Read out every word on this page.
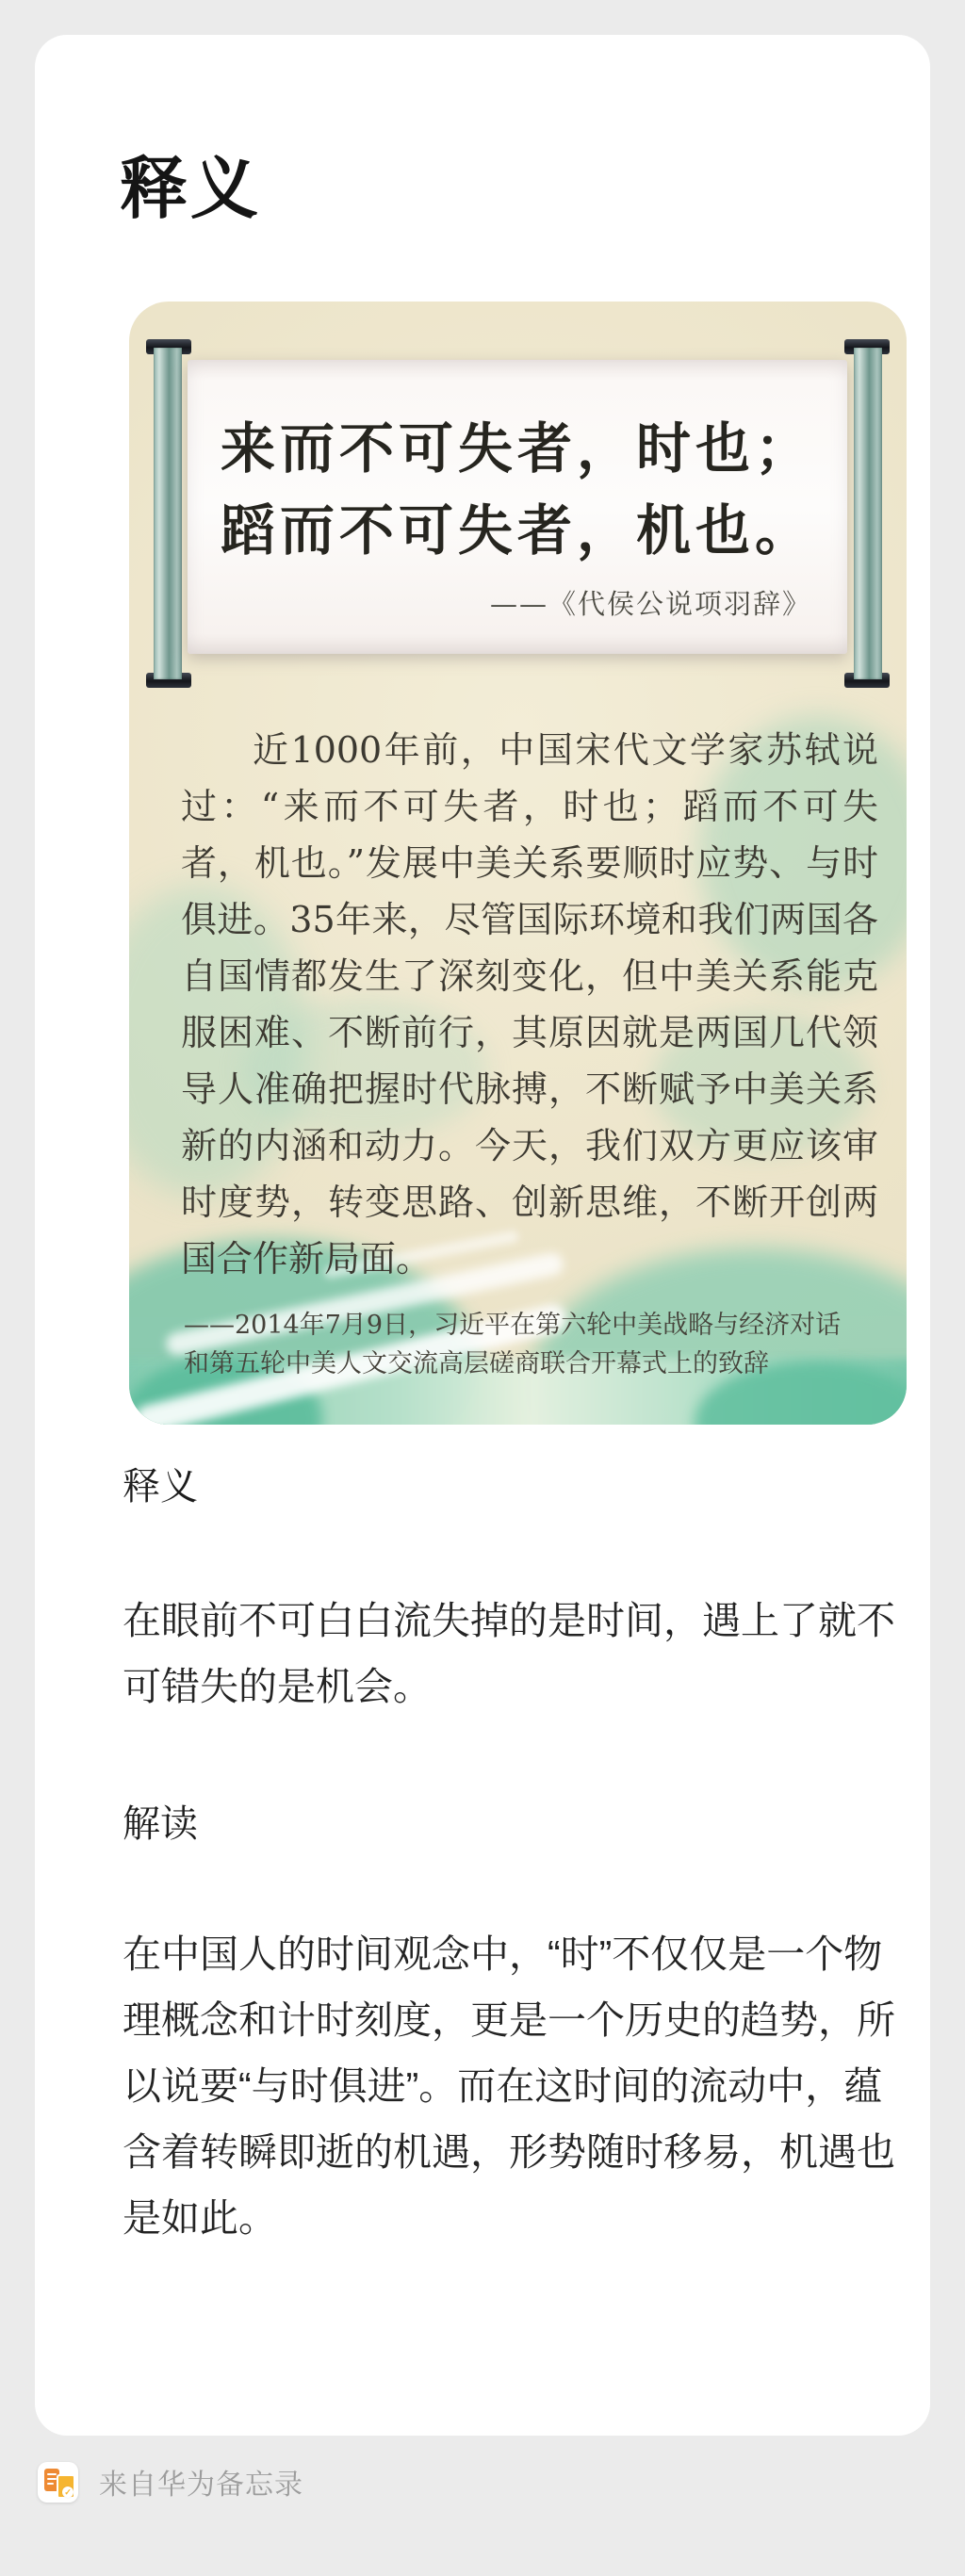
释义
来而不可失者，时也；
蹈而不可失者，机也。
——《代侯公说项羽辞》
近1000年前，中国宋代文学家苏轼说过：“来而不可失者，时也；蹈而不可失者，机也。”发展中美关系要顺时应势、与时俱进。35年来，尽管国际环境和我们两国各自国情都发生了深刻变化，但中美关系能克服困难、不断前行，其原因就是两国几代领导人准确把握时代脉搏，不断赋予中美关系新的内涵和动力。今天，我们双方更应该审时度势，转变思路、创新思维，不断开创两国合作新局面。
——2014年7月9日，习近平在第六轮中美战略与经济对话
和第五轮中美人文交流高层磋商联合开幕式上的致辞
释义
在眼前不可白白流失掉的是时间，遇上了就不可错失的是机会。
解读
在中国人的时间观念中，“时”不仅仅是一个物理概念和计时刻度，更是一个历史的趋势，所以说要“与时俱进”。而在这时间的流动中，蕴含着转瞬即逝的机遇，形势随时移易，机遇也是如此。
✓ 来自华为备忘录
